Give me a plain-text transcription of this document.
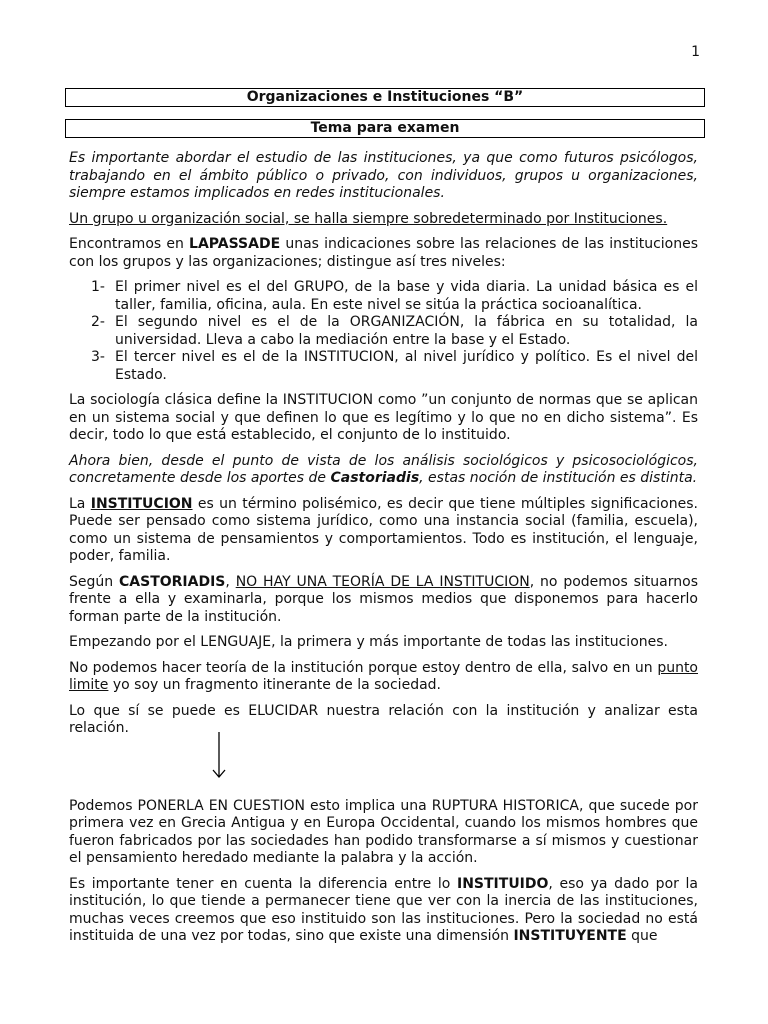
1
Organizaciones e Instituciones “B”
Tema para examen

Es importante abordar el estudio de las instituciones, ya que como futuros psicólogos, trabajando en el ámbito público o privado, con individuos, grupos u organizaciones, siempre estamos implicados en redes institucionales.

Un grupo u organización social, se halla siempre sobredeterminado por Instituciones.

Encontramos en LAPASSADE unas indicaciones sobre las relaciones de las instituciones con los grupos y las organizaciones; distingue así tres niveles:

1- El primer nivel es el del GRUPO, de la base y vida diaria. La unidad básica es el taller, familia, oficina, aula. En este nivel se sitúa la práctica socioanalítica.
2- El segundo nivel es el de la ORGANIZACIÓN, la fábrica en su totalidad, la universidad. Lleva a cabo la mediación entre la base y el Estado.
3- El tercer nivel es el de la INSTITUCION, al nivel jurídico y político. Es el nivel del Estado.

La sociología clásica define la INSTITUCION como ”un conjunto de normas que se aplican en un sistema social y que definen lo que es legítimo y lo que no en dicho sistema”. Es decir, todo lo que está establecido, el conjunto de lo instituido.

Ahora bien, desde el punto de vista de los análisis sociológicos y psicosociológicos, concretamente desde los aportes de Castoriadis, estas noción de institución es distinta.

La INSTITUCION es un término polisémico, es decir que tiene múltiples significaciones. Puede ser pensado como sistema jurídico, como una instancia social (familia, escuela), como un sistema de pensamientos y comportamientos. Todo es institución, el lenguaje, poder, familia.

Según CASTORIADIS, NO HAY UNA TEORÍA DE LA INSTITUCION, no podemos situarnos frente a ella y examinarla, porque los mismos medios que disponemos para hacerlo forman parte de la institución.

Empezando por el LENGUAJE, la primera y más importante de todas las instituciones.

No podemos hacer teoría de la institución porque estoy dentro de ella, salvo en un punto limite yo soy un fragmento itinerante de la sociedad.

Lo que sí se puede es ELUCIDAR nuestra relación con la institución y analizar esta relación.

Podemos PONERLA EN CUESTION esto implica una RUPTURA HISTORICA, que sucede por primera vez en Grecia Antigua y en Europa Occidental, cuando los mismos hombres que fueron fabricados por las sociedades han podido transformarse a sí mismos y cuestionar el pensamiento heredado mediante la palabra y la acción.

Es importante tener en cuenta la diferencia entre lo INSTITUIDO, eso ya dado por la institución, lo que tiende a permanecer tiene que ver con la inercia de las instituciones, muchas veces creemos que eso instituido son las instituciones. Pero la sociedad no está instituida de una vez por todas, sino que existe una dimensión INSTITUYENTE que
